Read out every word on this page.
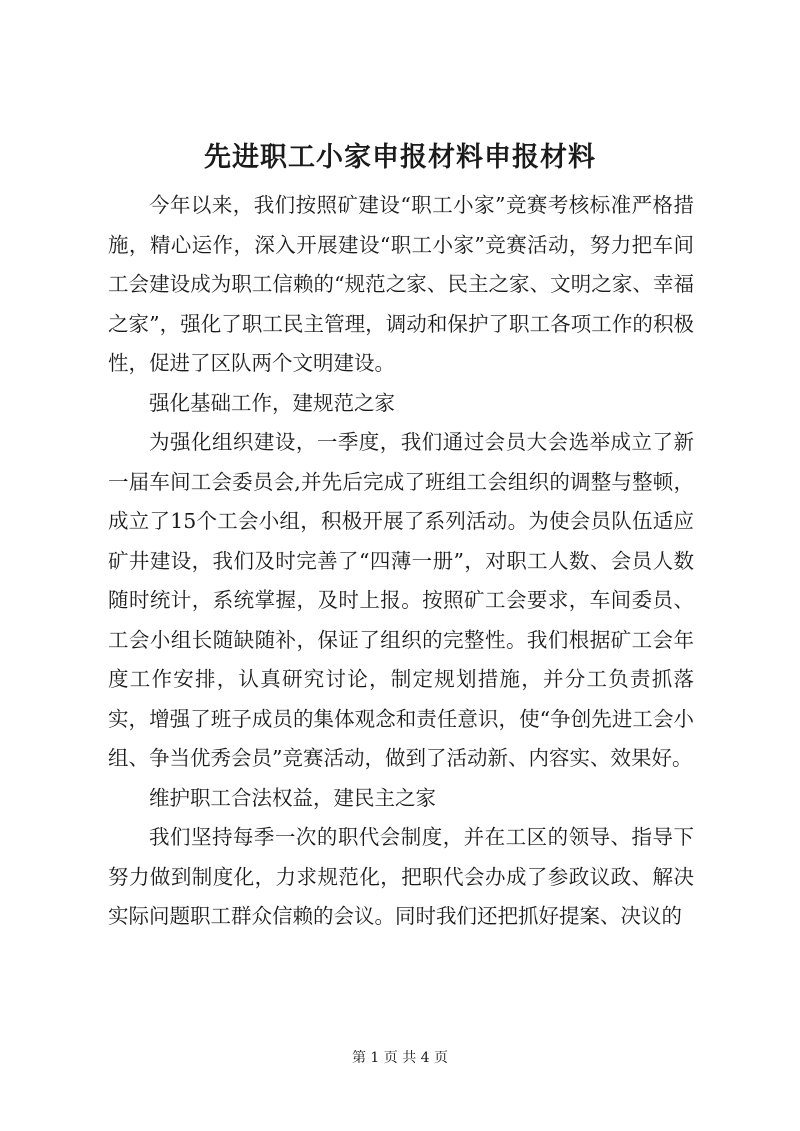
先进职工小家申报材料申报材料

今年以来，我们按照矿建设“职工小家”竞赛考核标准严格措施，精心运作，深入开展建设“职工小家”竞赛活动，努力把车间工会建设成为职工信赖的“规范之家、民主之家、文明之家、幸福之家”，强化了职工民主管理，调动和保护了职工各项工作的积极性，促进了区队两个文明建设。

强化基础工作，建规范之家

为强化组织建设，一季度，我们通过会员大会选举成立了新一届车间工会委员会,并先后完成了班组工会组织的调整与整顿，成立了15个工会小组，积极开展了系列活动。为使会员队伍适应矿井建设，我们及时完善了“四薄一册”，对职工人数、会员人数随时统计，系统掌握，及时上报。按照矿工会要求，车间委员、工会小组长随缺随补，保证了组织的完整性。我们根据矿工会年度工作安排，认真研究讨论，制定规划措施，并分工负责抓落实，增强了班子成员的集体观念和责任意识，使“争创先进工会小组、争当优秀会员”竞赛活动，做到了活动新、内容实、效果好。

维护职工合法权益，建民主之家

我们坚持每季一次的职代会制度，并在工区的领导、指导下努力做到制度化，力求规范化，把职代会办成了参政议政、解决实际问题职工群众信赖的会议。同时我们还把抓好提案、决议的

第 1 页 共 4 页
